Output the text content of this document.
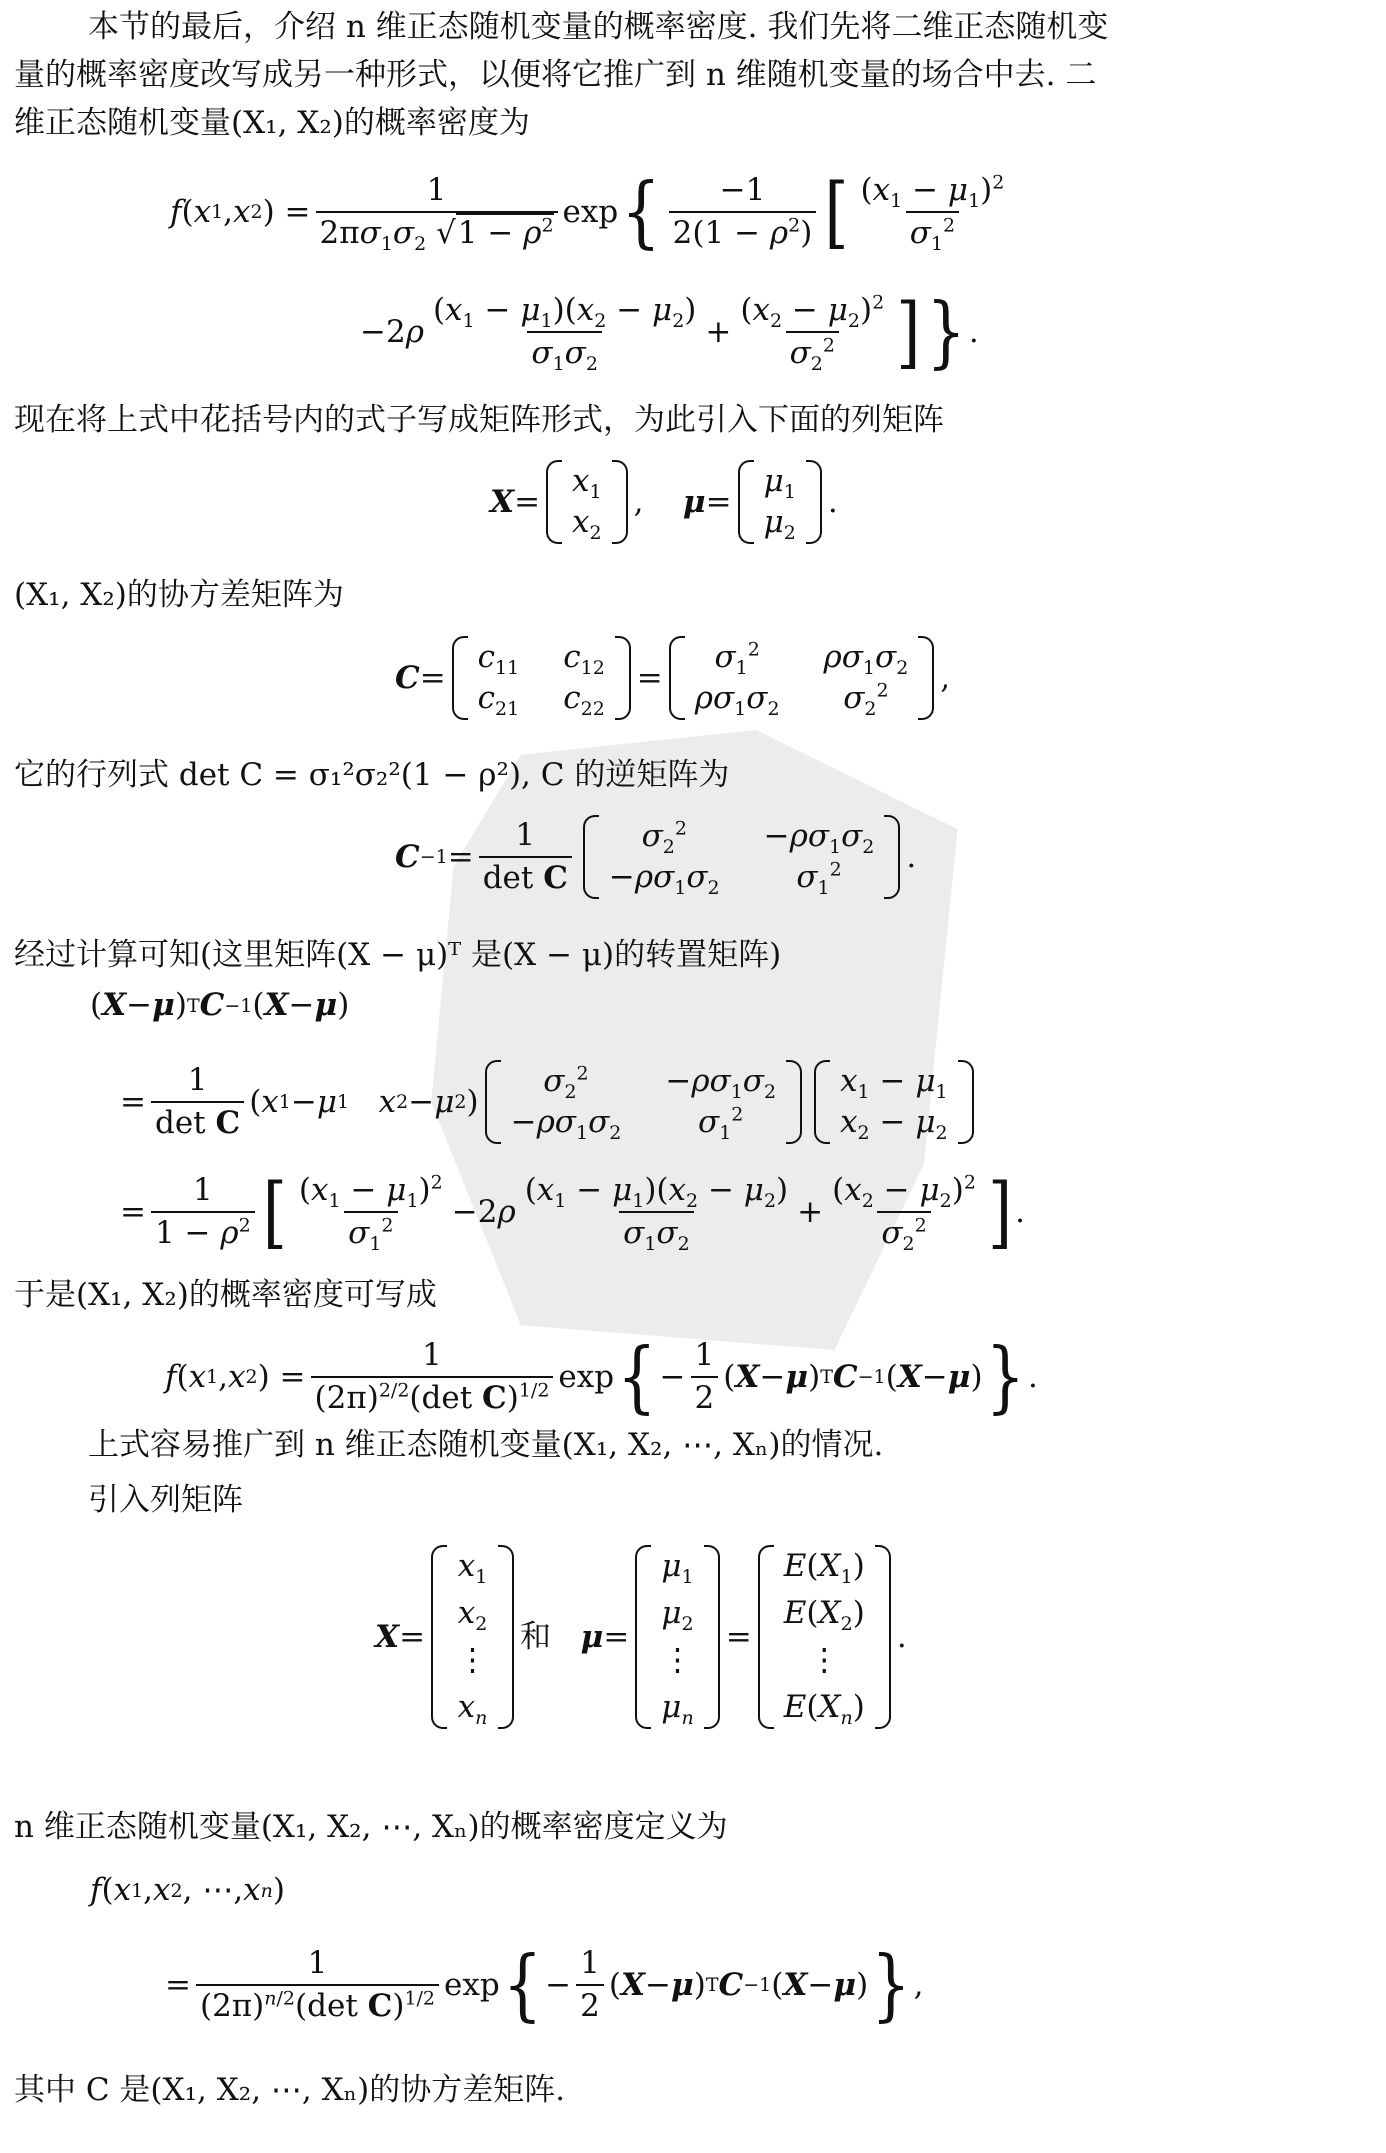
本节的最后，介绍 n 维正态随机变量的概率密度. 我们先将二维正态随机变
量的概率密度改写成另一种形式，以便将它推广到 n 维随机变量的场合中去. 二
维正态随机变量(X₁, X₂)的概率密度为
f ( x 1 , x 2 ) = $\frac{1}{2\pi\sigma_1\sigma_2 √1 - \rho^2}$ exp { $\frac{-1}{2(1 - \rho^2)}$ [ $\frac{(x_1 - \mu_1)^2}{\sigma_1^2}$
−2 ρ $\frac{(x_1 - \mu_1)(x_2 - \mu_2)}{\sigma_1\sigma_2} + \frac{(x_2 - \mu_2)^2}{\sigma_2^2}$ ] } .
现在将上式中花括号内的式子写成矩阵形式，为此引入下面的列矩阵
X =
$x_1$
$x_2$
, μ =
$\mu_1$
$\mu_2$
.
(X₁, X₂)的协方差矩阵为
C =
$c_{11}$ $c_{12}$
$c_{21}$ $c_{22}$
=
$\sigma_1^2$ $\rho\sigma_1\sigma_2$
$\rho\sigma_1\sigma_2$ $\sigma_2^2$ ,
它的行列式 det C = σ₁²σ₂²(1 − ρ²), C 的逆矩阵为
$C -1 = \frac{1}{\text{det C}} \sigma_2^2 -\rho\sigma_1\sigma_2$
$-\rho\sigma_1\sigma_2$ $\sigma_1^2$ .
经过计算可知(这里矩阵(X − μ)ᵀ 是(X − μ)的转置矩阵)
( X − μ ) T C −1 ( X − μ )
= $\frac{1}{\text{det C}}$ ( x 1 − μ 1
x 2 − μ 2 )
$\sigma_2^2 -\rho\sigma_1\sigma_2$
$-\rho\sigma_1\sigma_2$ $\sigma_1^2$
$x_1 - \mu_1$
$x_2 - \mu_2$
= $\frac{1}{1 - \rho^2}$ [ $\frac{(x_1 - \mu_1)^2}{\sigma_1^2} -2$ ρ $\frac{(x_1 - \mu_1)(x_2 - \mu_2)}{\sigma_1\sigma_2} + \frac{(x_2 - \mu_2)^2}{\sigma_2^2}$ ] .
于是(X₁, X₂)的概率密度可写成
f ( x 1 , x 2 ) = $\frac{1}{(2\pi)^{2/2}(\det C)^{1/2}}$ exp { − $\frac{1}{2}$ ( X − μ ) T C −1 ( X − μ ) } .
上式容易推广到 n 维正态随机变量(X₁, X₂, ⋯, Xₙ)的情况.
引入列矩阵
X =
$x_1$
$x_2$
⋮
$x_n$
和 μ =
$\mu_1$
$\mu_2$
⋮
$\mu_n$
=
$E(X_1)$
$E(X_2)$
⋮
$E(X_n)$
.
n 维正态随机变量(X₁, X₂, ⋯, Xₙ)的概率密度定义为
f ( x 1 , x 2 , ⋯, x n )
= $\frac{1}{(2\pi)^{n/2}(\det C)^{1/2}}$ exp { − $\frac{1}{2}$ ( X − μ ) T C −1 ( X − μ ) } ,
其中 C 是(X₁, X₂, ⋯, Xₙ)的协方差矩阵.
